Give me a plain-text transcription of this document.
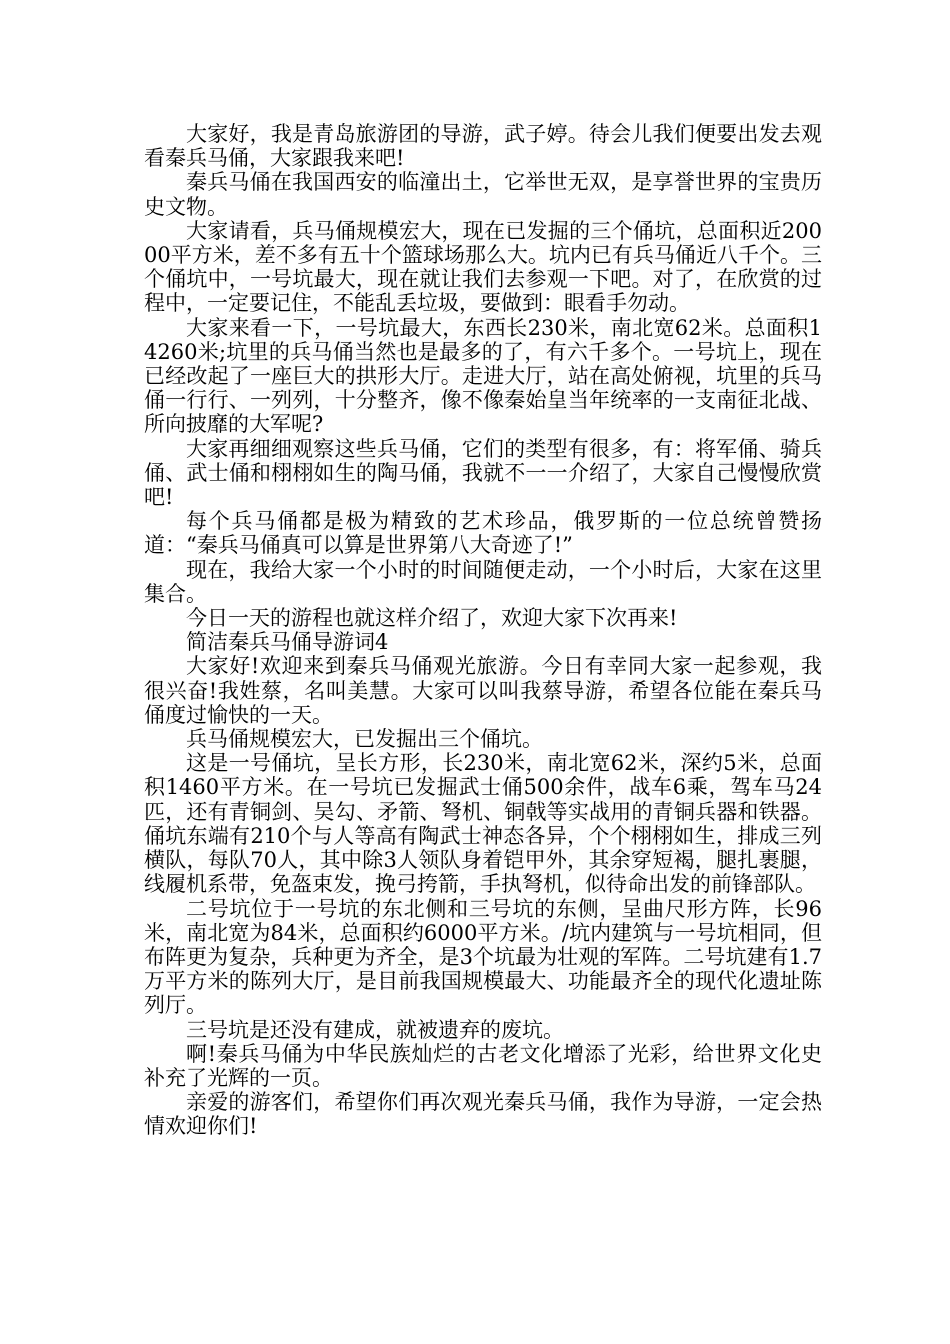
大家好，我是青岛旅游团的导游，武子婷。待会儿我们便要出发去观看秦兵马俑，大家跟我来吧!

秦兵马俑在我国西安的临潼出土，它举世无双，是享誉世界的宝贵历史文物。

大家请看，兵马俑规模宏大，现在已发掘的三个俑坑，总面积近20000平方米，差不多有五十个篮球场那么大。坑内已有兵马俑近八千个。三个俑坑中，一号坑最大，现在就让我们去参观一下吧。对了，在欣赏的过程中，一定要记住，不能乱丢垃圾，要做到：眼看手勿动。

大家来看一下，一号坑最大，东西长230米，南北宽62米。总面积14260米;坑里的兵马俑当然也是最多的了，有六千多个。一号坑上，现在已经改起了一座巨大的拱形大厅。走进大厅，站在高处俯视，坑里的兵马俑一行行、一列列，十分整齐，像不像秦始皇当年统率的一支南征北战、所向披靡的大军呢?

大家再细细观察这些兵马俑，它们的类型有很多，有：将军俑、骑兵俑、武士俑和栩栩如生的陶马俑，我就不一一介绍了，大家自己慢慢欣赏吧!

每个兵马俑都是极为精致的艺术珍品，俄罗斯的一位总统曾赞扬道：“秦兵马俑真可以算是世界第八大奇迹了!”

现在，我给大家一个小时的时间随便走动，一个小时后，大家在这里集合。

今日一天的游程也就这样介绍了，欢迎大家下次再来!

简洁秦兵马俑导游词4

大家好!欢迎来到秦兵马俑观光旅游。今日有幸同大家一起参观，我很兴奋!我姓蔡，名叫美慧。大家可以叫我蔡导游，希望各位能在秦兵马俑度过愉快的一天。

兵马俑规模宏大，已发掘出三个俑坑。

这是一号俑坑，呈长方形，长230米，南北宽62米，深约5米，总面积1460平方米。在一号坑已发掘武士俑500余件，战车6乘，驾车马24匹，还有青铜剑、吴勾、矛箭、弩机、铜戟等实战用的青铜兵器和铁器。俑坑东端有210个与人等高有陶武士神态各异，个个栩栩如生，排成三列横队，每队70人，其中除3人领队身着铠甲外，其余穿短褐，腿扎裹腿，线履机系带，免盔束发，挽弓挎箭，手执弩机，似待命出发的前锋部队。

二号坑位于一号坑的东北侧和三号坑的东侧，呈曲尺形方阵，长96米，南北宽为84米，总面积约6000平方米。/坑内建筑与一号坑相同，但布阵更为复杂，兵种更为齐全，是3个坑最为壮观的军阵。二号坑建有1.7万平方米的陈列大厅，是目前我国规模最大、功能最齐全的现代化遗址陈列厅。

三号坑是还没有建成，就被遗弃的废坑。

啊!秦兵马俑为中华民族灿烂的古老文化增添了光彩，给世界文化史补充了光辉的一页。

亲爱的游客们，希望你们再次观光秦兵马俑，我作为导游，一定会热情欢迎你们!
